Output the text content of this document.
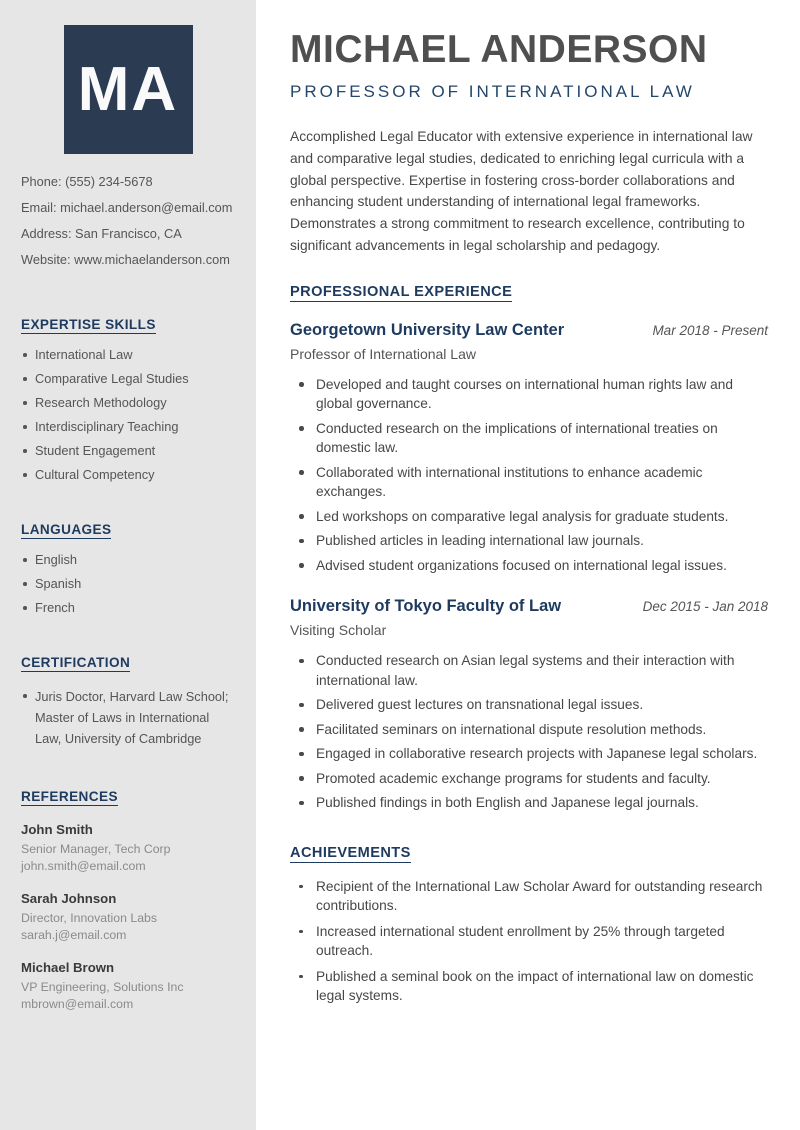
MA

Phone: (555) 234-5678

Email: michael.anderson@email.com

Address: San Francisco, CA

Website: www.michaelanderson.com

EXPERTISE SKILLS
International Law
Comparative Legal Studies
Research Methodology
Interdisciplinary Teaching
Student Engagement
Cultural Competency
LANGUAGES
English
Spanish
French
CERTIFICATION
Juris Doctor, Harvard Law School; Master of Laws in International Law, University of Cambridge
REFERENCES
John Smith
Senior Manager, Tech Corp
john.smith@email.com
Sarah Johnson
Director, Innovation Labs
sarah.j@email.com
Michael Brown
VP Engineering, Solutions Inc
mbrown@email.com
MICHAEL ANDERSON
PROFESSOR OF INTERNATIONAL LAW

Accomplished Legal Educator with extensive experience in international law and comparative legal studies, dedicated to enriching legal curricula with a global perspective. Expertise in fostering cross-border collaborations and enhancing student understanding of international legal frameworks. Demonstrates a strong commitment to research excellence, contributing to significant advancements in legal scholarship and pedagogy.

PROFESSIONAL EXPERIENCE
Georgetown University Law Center	Mar 2018 - Present
Professor of International Law
Developed and taught courses on international human rights law and global governance.
Conducted research on the implications of international treaties on domestic law.
Collaborated with international institutions to enhance academic exchanges.
Led workshops on comparative legal analysis for graduate students.
Published articles in leading international law journals.
Advised student organizations focused on international legal issues.
University of Tokyo Faculty of Law	Dec 2015 - Jan 2018
Visiting Scholar
Conducted research on Asian legal systems and their interaction with international law.
Delivered guest lectures on transnational legal issues.
Facilitated seminars on international dispute resolution methods.
Engaged in collaborative research projects with Japanese legal scholars.
Promoted academic exchange programs for students and faculty.
Published findings in both English and Japanese legal journals.
ACHIEVEMENTS
Recipient of the International Law Scholar Award for outstanding research contributions.
Increased international student enrollment by 25% through targeted outreach.
Published a seminal book on the impact of international law on domestic legal systems.
